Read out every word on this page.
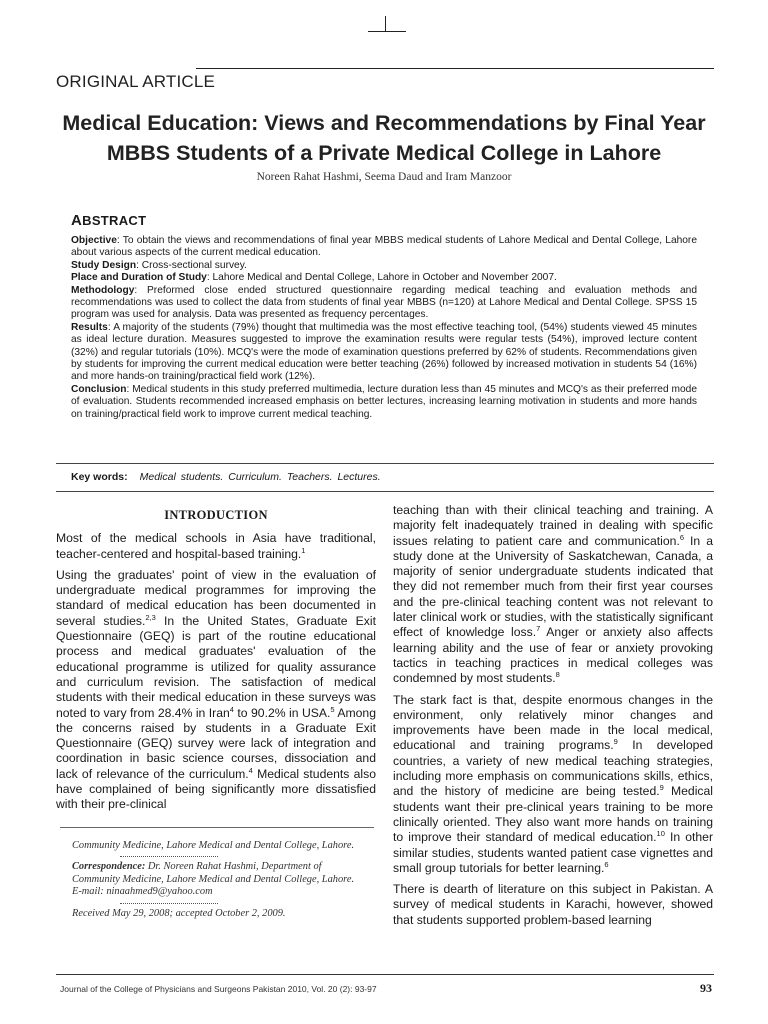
ORIGINAL ARTICLE
Medical Education: Views and Recommendations by Final Year
MBBS Students of a Private Medical College in Lahore
Noreen Rahat Hashmi, Seema Daud and Iram Manzoor
ABSTRACT

Objective: To obtain the views and recommendations of final year MBBS medical students of Lahore Medical and Dental College, Lahore about various aspects of the current medical education.

Study Design: Cross-sectional survey.

Place and Duration of Study: Lahore Medical and Dental College, Lahore in October and November 2007.

Methodology: Preformed close ended structured questionnaire regarding medical teaching and evaluation methods and recommendations was used to collect the data from students of final year MBBS (n=120) at Lahore Medical and Dental College. SPSS 15 program was used for analysis. Data was presented as frequency percentages.

Results: A majority of the students (79%) thought that multimedia was the most effective teaching tool, (54%) students viewed 45 minutes as ideal lecture duration. Measures suggested to improve the examination results were regular tests (54%), improved lecture content (32%) and regular tutorials (10%). MCQ's were the mode of examination questions preferred by 62% of students. Recommendations given by students for improving the current medical education were better teaching (26%) followed by increased motivation in students 54 (16%) and more hands-on training/practical field work (12%).

Conclusion: Medical students in this study preferred multimedia, lecture duration less than 45 minutes and MCQ's as their preferred mode of evaluation. Students recommended increased emphasis on better lectures, increasing learning motivation in students and more hands on training/practical field work to improve current medical teaching.

Key words: Medical students. Curriculum. Teachers. Lectures.
INTRODUCTION

Most of the medical schools in Asia have traditional, teacher-centered and hospital-based training.$^1$

Using the graduates' point of view in the evaluation of undergraduate medical programmes for improving the standard of medical education has been documented in several studies.$^{2,3}$ In the United States, Graduate Exit Questionnaire (GEQ) is part of the routine educational process and medical graduates' evaluation of the educational programme is utilized for quality assurance and curriculum revision. The satisfaction of medical students with their medical education in these surveys was noted to vary from 28.4% in Iran$^4$ to 90.2% in USA.$^5$ Among the concerns raised by students in a Graduate Exit Questionnaire (GEQ) survey were lack of integration and coordination in basic science courses, dissociation and lack of relevance of the curriculum.$^4$ Medical students also have complained of being significantly more dissatisfied with their pre-clinical

Community Medicine, Lahore Medical and Dental College, Lahore.

Correspondence: Dr. Noreen Rahat Hashmi, Department of Community Medicine, Lahore Medical and Dental College, Lahore.

E-mail: ninaahmed9@yahoo.com

Received May 29, 2008; accepted October 2, 2009.

teaching than with their clinical teaching and training. A majority felt inadequately trained in dealing with specific issues relating to patient care and communication.$^6$ In a study done at the University of Saskatchewan, Canada, a majority of senior undergraduate students indicated that they did not remember much from their first year courses and the pre-clinical teaching content was not relevant to later clinical work or studies, with the statistically significant effect of knowledge loss.$^7$ Anger or anxiety also affects learning ability and the use of fear or anxiety provoking tactics in teaching practices in medical colleges was condemned by most students.$^8$

The stark fact is that, despite enormous changes in the environment, only relatively minor changes and improvements have been made in the local medical, educational and training programs.$^9$ In developed countries, a variety of new medical teaching strategies, including more emphasis on communications skills, ethics, and the history of medicine are being tested.$^9$ Medical students want their pre-clinical years training to be more clinically oriented. They also want more hands on training to improve their standard of medical education.$^{10}$ In other similar studies, students wanted patient case vignettes and small group tutorials for better learning.$^6$

There is dearth of literature on this subject in Pakistan. A survey of medical students in Karachi, however, showed that students supported problem-based learning

Journal of the College of Physicians and Surgeons Pakistan 2010, Vol. 20 (2): 93-97	93
